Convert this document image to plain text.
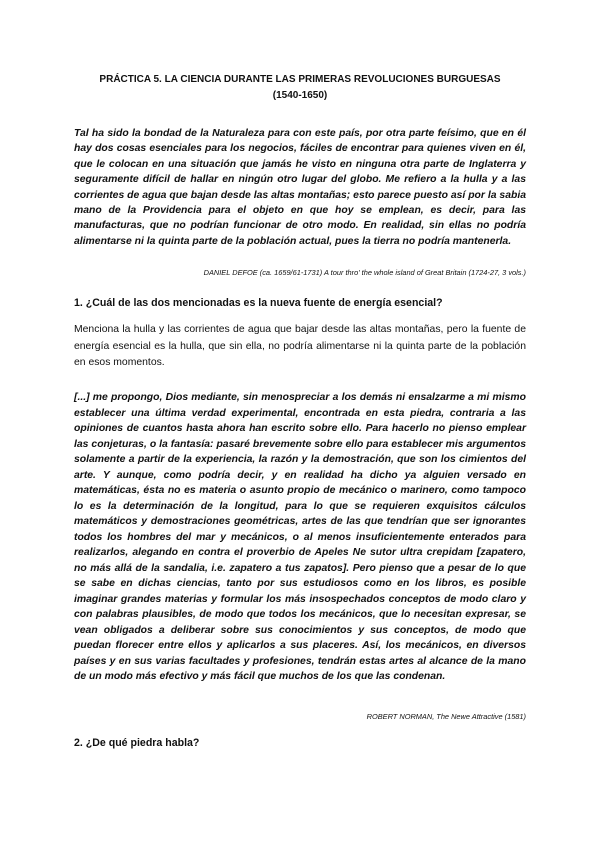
PRÁCTICA 5. LA CIENCIA DURANTE LAS PRIMERAS REVOLUCIONES BURGUESAS
(1540-1650)
Tal ha sido la bondad de la Naturaleza para con este país, por otra parte feísimo, que en él hay dos cosas esenciales para los negocios, fáciles de encontrar para quienes viven en él, que le colocan en una situación que jamás he visto en ninguna otra parte de Inglaterra y seguramente difícil de hallar en ningún otro lugar del globo. Me refiero a la hulla y a las corrientes de agua que bajan desde las altas montañas; esto parece puesto así por la sabia mano de la Providencia para el objeto en que hoy se emplean, es decir, para las manufacturas, que no podrían funcionar de otro modo. En realidad, sin ellas no podría alimentarse ni la quinta parte de la población actual, pues la tierra no podría mantenerla.
DANIEL DEFOE (ca. 1659/61-1731) A tour thro' the whole island of Great Britain (1724-27, 3 vols.)
1. ¿Cuál de las dos mencionadas es la nueva fuente de energía esencial?
Menciona la hulla y las corrientes de agua que bajar desde las altas montañas, pero la fuente de energía esencial es la hulla, que sin ella, no podría alimentarse ni la quinta parte de la población en esos momentos.
[...] me propongo, Dios mediante, sin menospreciar a los demás ni ensalzarme a mi mismo establecer una última verdad experimental, encontrada en esta piedra, contraria a las opiniones de cuantos hasta ahora han escrito sobre ello. Para hacerlo no pienso emplear las conjeturas, o la fantasía: pasaré brevemente sobre ello para establecer mis argumentos solamente a partir de la experiencia, la razón y la demostración, que son los cimientos del arte. Y aunque, como podría decir, y en realidad ha dicho ya alguien versado en matemáticas, ésta no es materia o asunto propio de mecánico o marinero, como tampoco lo es la determinación de la longitud, para lo que se requieren exquisitos cálculos matemáticos y demostraciones geométricas, artes de las que tendrían que ser ignorantes todos los hombres del mar y mecánicos, o al menos insuficientemente enterados para realizarlos, alegando en contra el proverbio de Apeles Ne sutor ultra crepidam [zapatero, no más allá de la sandalia, i.e. zapatero a tus zapatos]. Pero pienso que a pesar de lo que se sabe en dichas ciencias, tanto por sus estudiosos como en los libros, es posible imaginar grandes materias y formular los más insospechados conceptos de modo claro y con palabras plausibles, de modo que todos los mecánicos, que lo necesitan expresar, se vean obligados a deliberar sobre sus conocimientos y sus conceptos, de modo que puedan florecer entre ellos y aplicarlos a sus placeres. Así, los mecánicos, en diversos países y en sus varias facultades y profesiones, tendrán estas artes al alcance de la mano de un modo más efectivo y más fácil que muchos de los que las condenan.
ROBERT NORMAN, The Newe Attractive (1581)
2. ¿De qué piedra habla?
